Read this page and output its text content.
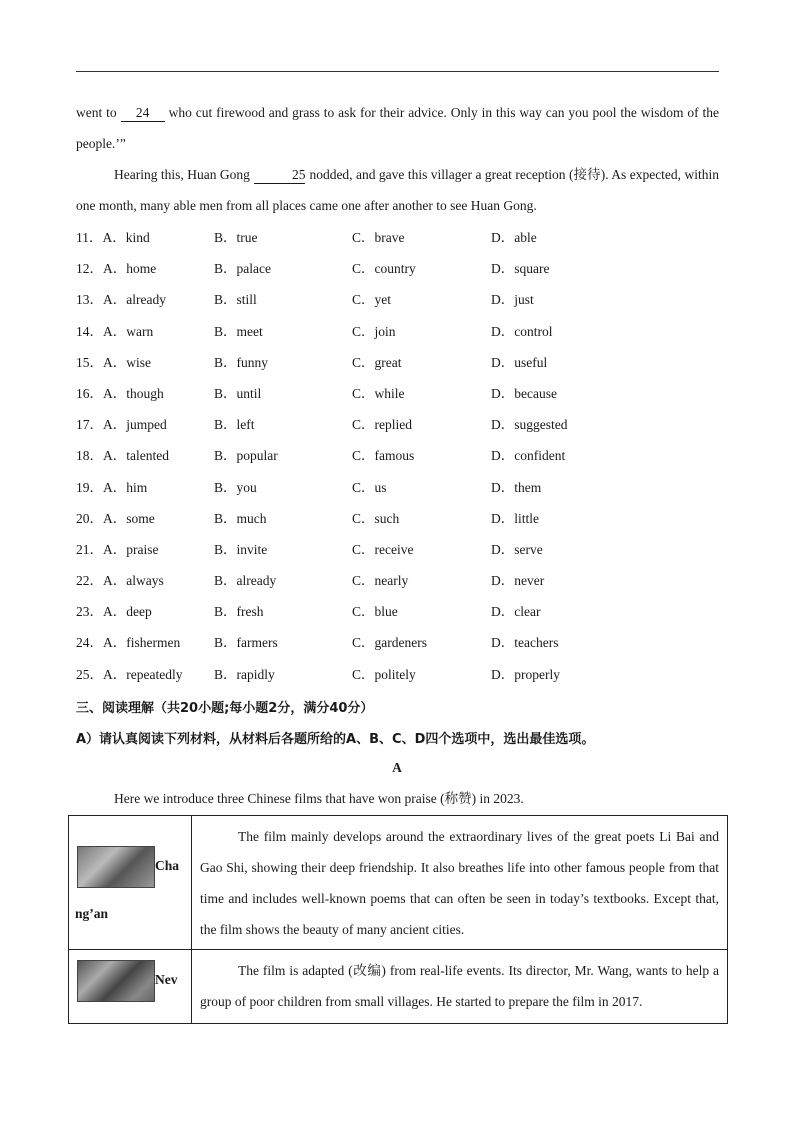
went to 24 who cut firewood and grass to ask for their advice. Only in this way can you pool the wisdom of the people.’”
Hearing this, Huan Gong	25 nodded, and gave this villager a great reception (接待). As expected, within one month, many able men from all places came one after another to see Huan Gong.
11．A．kind	B．true	C．brave	D．able
12．A．home	B．palace	C．country	D．square
13．A．already	B．still	C．yet	D．just
14．A．warn	B．meet	C．join	D．control
15．A．wise	B．funny	C．great	D．useful
16．A．though	B．until	C．while	D．because
17．A．jumped	B．left	C．replied	D．suggested
18．A．talented	B．popular	C．famous	D．confident
19．A．him	B．you	C．us	D．them
20．A．some	B．much	C．such	D．little
21．A．praise	B．invite	C．receive	D．serve
22．A．always	B．already	C．nearly	D．never
23．A．deep	B．fresh	C．blue	D．clear
24．A．fishermen	B．farmers	C．gardeners	D．teachers
25．A．repeatedly B．rapidly	C．politely	D．properly
三、阅读理解（共20小题;每小题2分，满分40分）
A）请认真阅读下列材料，从材料后各题所给的A、B、C、D四个选项中，选出最佳选项。
A
Here we introduce three Chinese films that have won praise (称赞) in 2023.
Cha
ng’an
The film mainly develops around the extraordinary lives of the great poets Li Bai and Gao Shi, showing their deep friendship. It also breathes life into other famous people from that time and includes well-known poems that can often be seen in today’s textbooks. Except that, the film shows the beauty of many ancient cities.
Nev
The film is adapted (改编) from real-life events. Its director, Mr. Wang, wants to help a group of poor children from small villages. He started to prepare the film in 2017.
